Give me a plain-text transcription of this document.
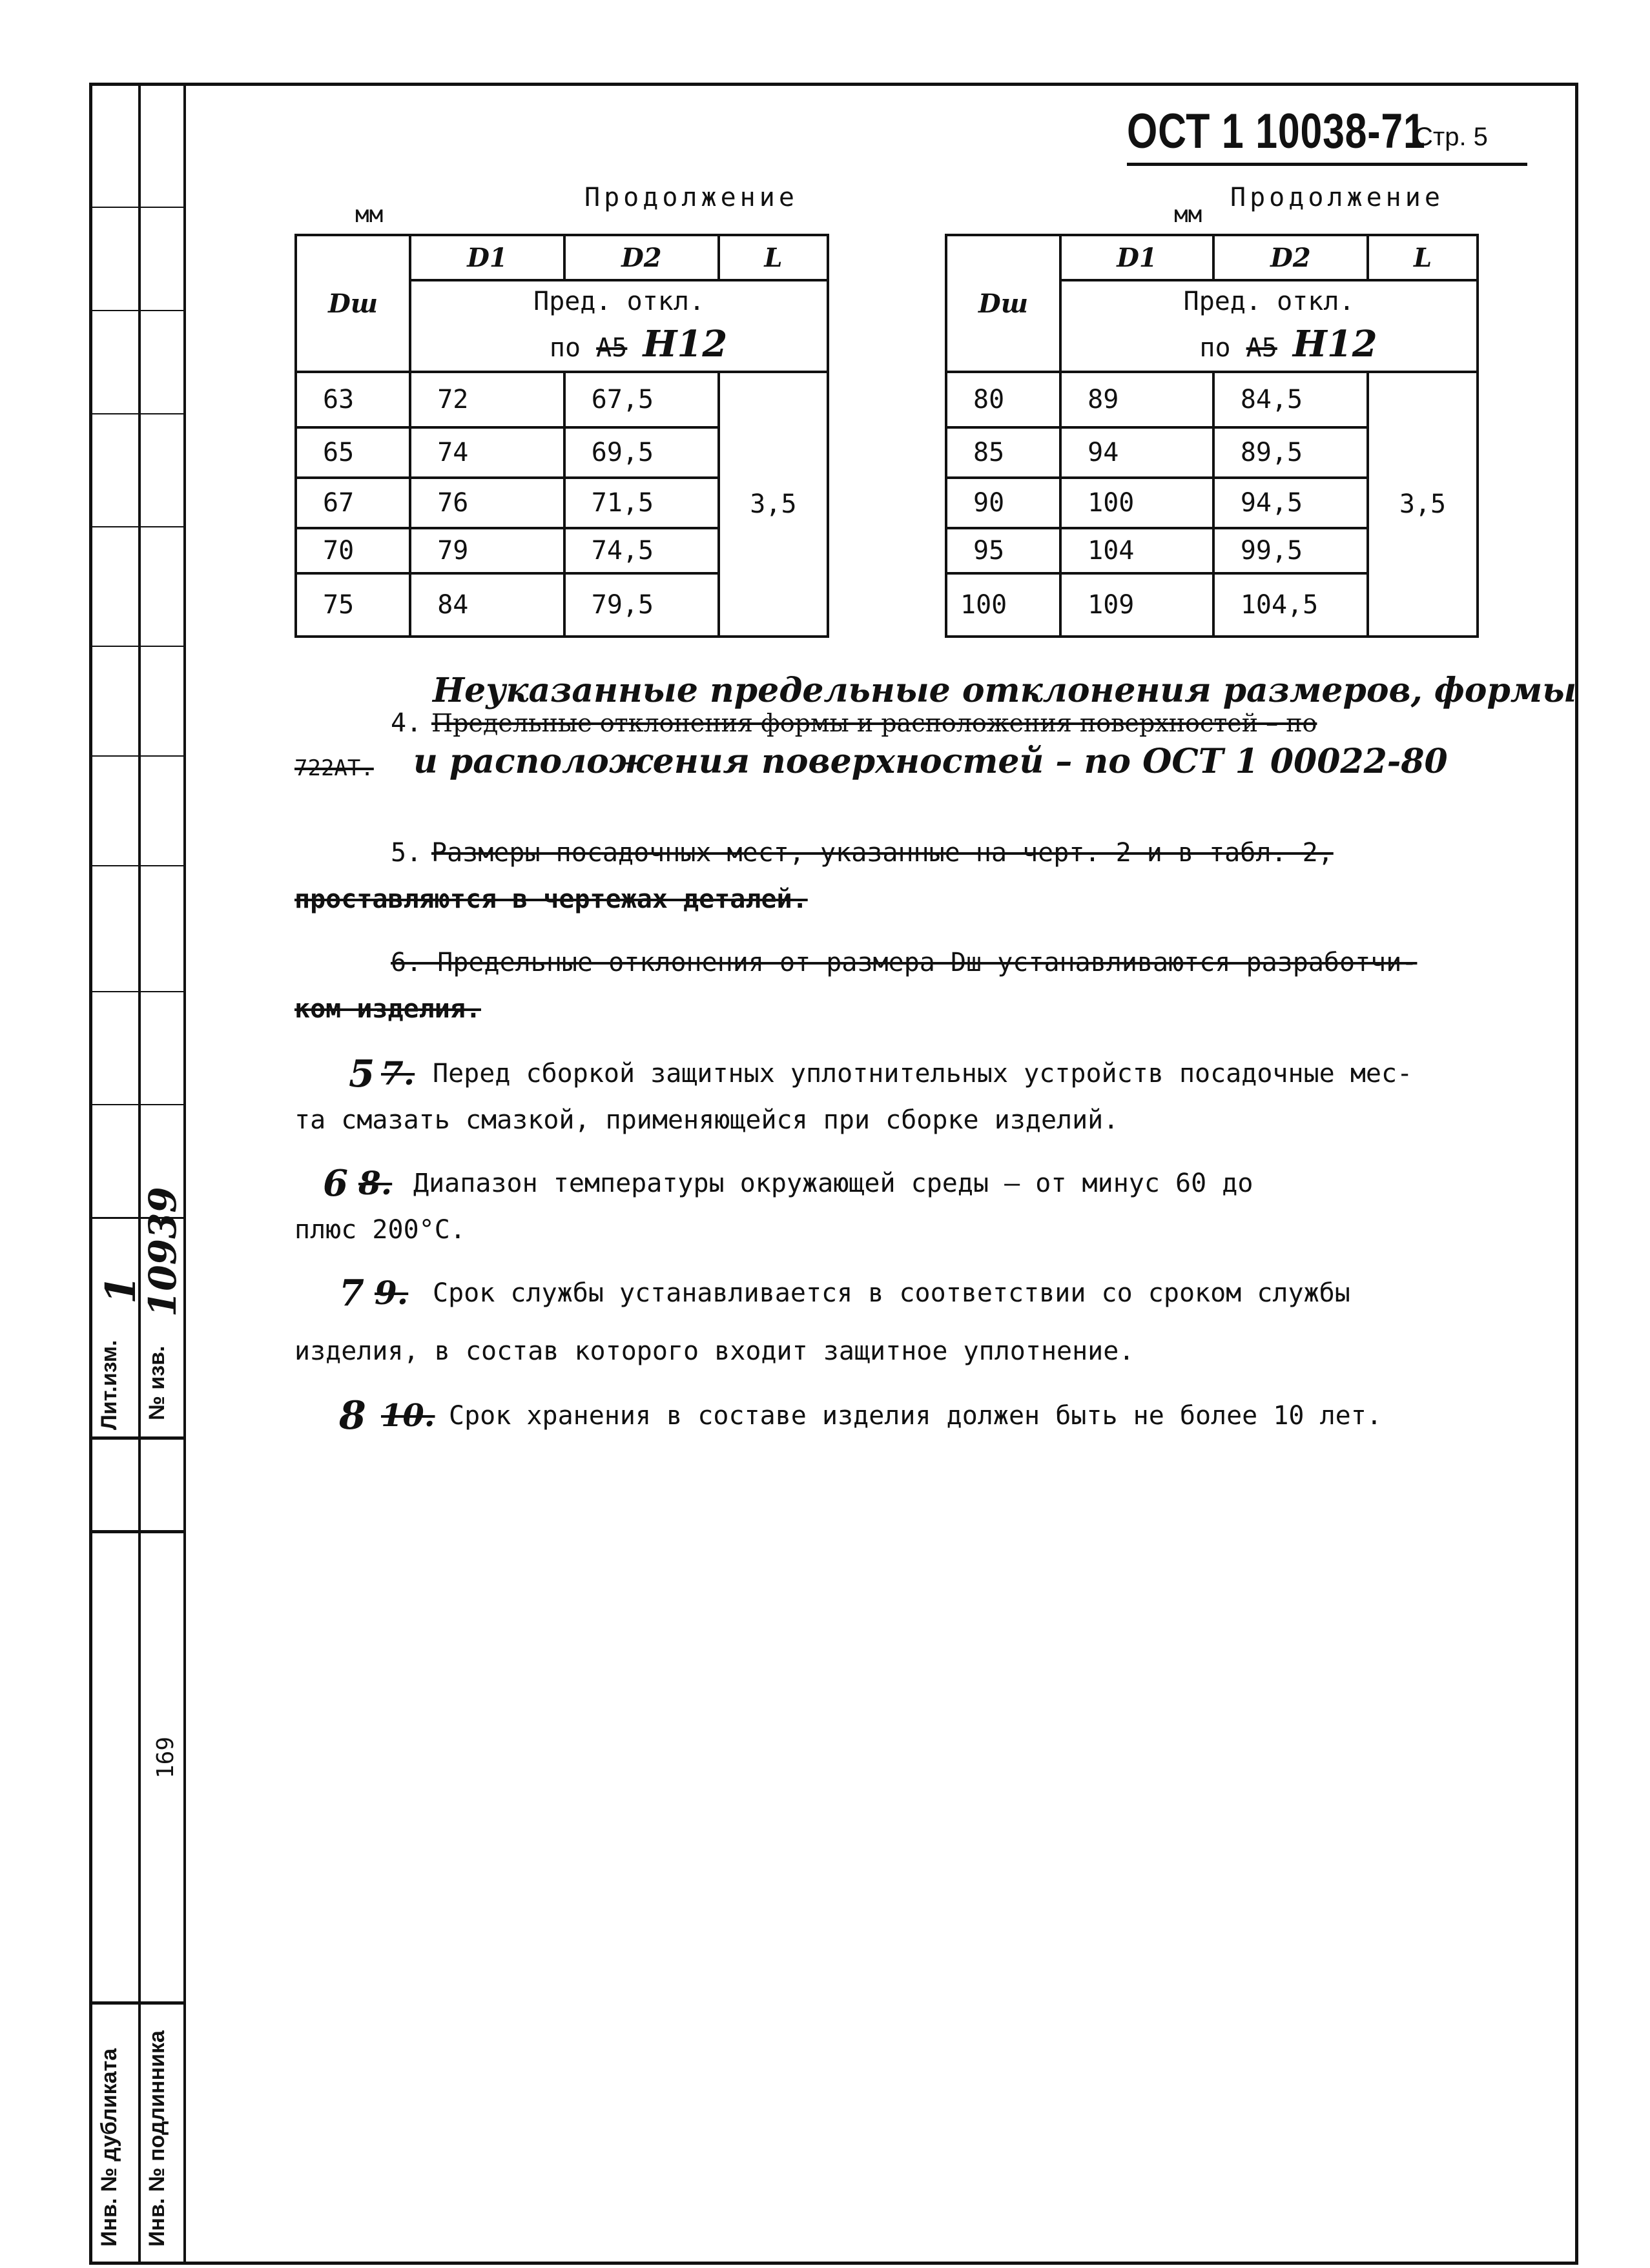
Лит.изм. № изв.
1
10939
169
Инв. № дубликата Инв. № подлинника
ОСТ 1 10038-71
Стр. 5
мм
Продолжение
Dш	D1	D2	L

	Пред. откл.
по A5 H12		

63	72	67,5	3,5
65	74	69,5	
67	76	71,5	
70	79	74,5	
75	84	79,5	
мм
Продолжение
Dш	D1	D2	L

	Пред. откл.
по A5 H12		

80	89	84,5	3,5
85	94	89,5	
90	100	94,5	
95	104	99,5	
100	109	104,5	
Неуказанные предельные отклонения размеров, формы
4. Предельные отклонения формы и расположения поверхностей – по
722АТ. и расположения поверхностей – по ОСТ 1 00022-80
5. Размеры посадочных мест, указанные на черт. 2 и в табл. 2,
проставляются в чертежах деталей.
6. Предельные отклонения от размера Dш устанавливаются разработчи-
ком изделия.
5 7. Перед сборкой защитных уплотнительных устройств посадочные мес-
та смазать смазкой, применяющейся при сборке изделий.
6 8. Диапазон температуры окружающей среды – от минус 60 до
плюс 200°С.
7 9. Срок службы устанавливается в соответствии со сроком службы
изделия, в состав которого входит защитное уплотнение.
8 10. Срок хранения в составе изделия должен быть не более 10 лет.
